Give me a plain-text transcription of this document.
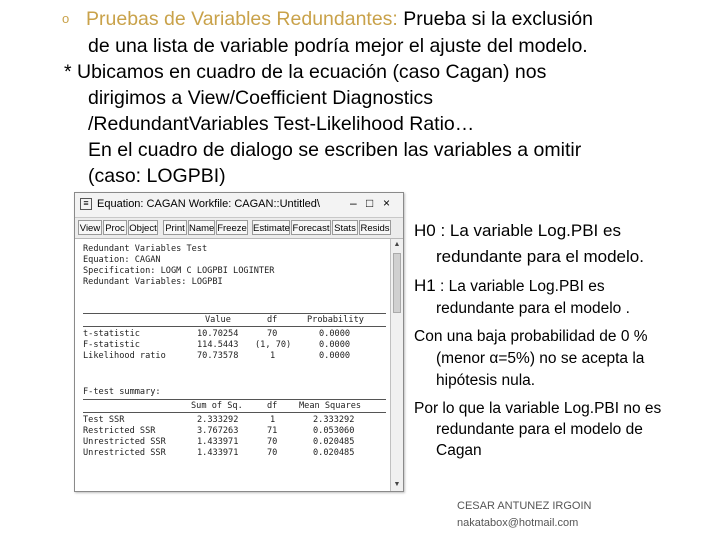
o Pruebas de Variables Redundantes: Prueba si la exclusión
de una lista de variable podría mejor el ajuste del modelo.
* Ubicamos en cuadro de la ecuación (caso Cagan) nos
dirigimos a View/Coefficient Diagnostics
/RedundantVariables Test-Likelihood Ratio…
En el cuadro de dialogo se escriben las variables a omitir
(caso: LOGPBI)
≡ Equation: CAGAN Workfile: CAGAN::Untitled\	‒ □ ×
View Proc Object Print Name Freeze Estimate Forecast Stats Resids
Redundant Variables Test
Equation: CAGAN
Specification: LOGM C LOGPBI LOGINTER
Redundant Variables: LOGPBI
Value	df	Probability
t-statistic	10.70254	70	0.0000
F-statistic	114.5443 (1, 70)	0.0000
Likelihood ratio	70.73578	1	0.0000
F-test summary:
Sum of Sq.	df	Mean Squares
Test SSR	2.333292	1	2.333292
Restricted SSR	3.767263	71	0.053060
Unrestricted SSR	1.433971	70	0.020485
Unrestricted SSR	1.433971	70	0.020485
▲
▼
H0 : La variable Log.PBI es
redundante para el modelo.
H1 : La variable Log.PBI es
redundante para el modelo .
Con una baja probabilidad de 0 %
(menor α=5%) no se acepta la
hipótesis nula.
Por lo que la variable Log.PBI no es
redundante para el modelo de
Cagan
CESAR ANTUNEZ IRGOIN
nakatabox@hotmail.com
